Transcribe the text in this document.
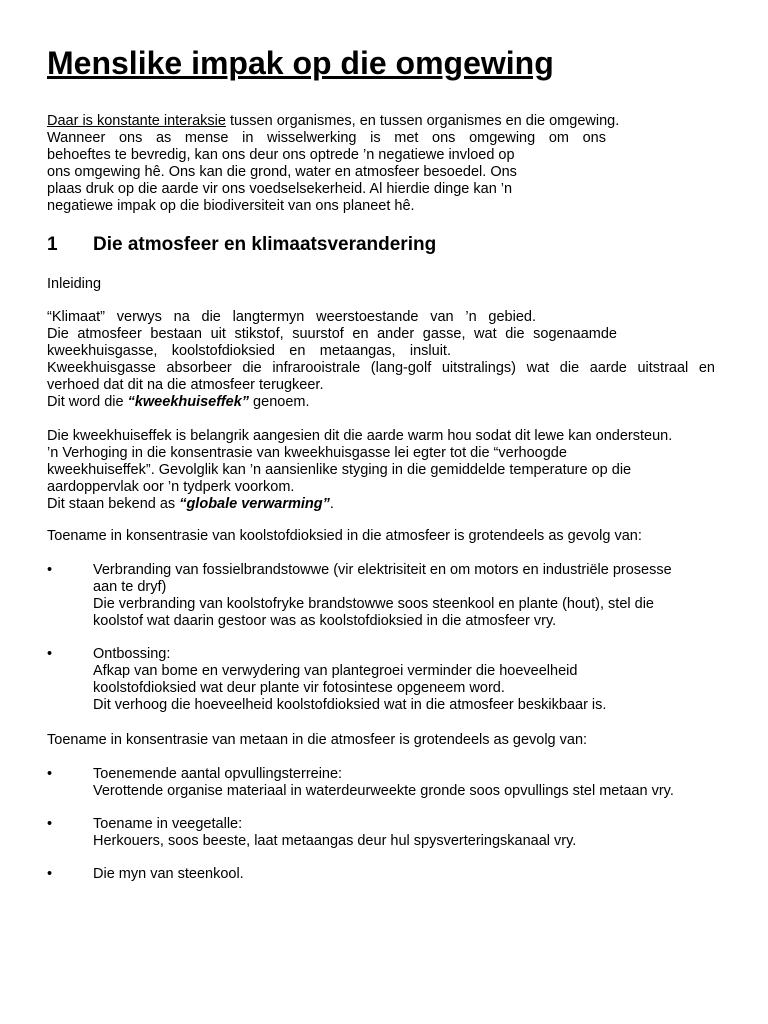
Menslike impak op die omgewing
Daar is konstante interaksie tussen organismes, en tussen organismes en die omgewing.
Wanneer ons as mense in wisselwerking is met ons omgewing om ons
behoeftes te bevredig, kan ons deur ons optrede ’n negatiewe invloed op
ons omgewing hê. Ons kan die grond, water en atmosfeer besoedel. Ons
plaas druk op die aarde vir ons voedselsekerheid. Al hierdie dinge kan ’n
negatiewe impak op die biodiversiteit van ons planeet hê.
1 Die atmosfeer en klimaatsverandering
Inleiding
“Klimaat” verwys na die langtermyn weerstoestande van ’n gebied.
Die atmosfeer bestaan uit stikstof, suurstof en ander gasse, wat die sogenaamde
kweekhuisgasse, koolstofdioksied en metaangas, insluit.
Kweekhuisgasse absorbeer die infrarooistrale (lang-golf uitstralings) wat die aarde uitstraal en
verhoed dat dit na die atmosfeer terugkeer.
Dit word die “kweekhuiseffek” genoem.
Die kweekhuiseffek is belangrik aangesien dit die aarde warm hou sodat dit lewe kan ondersteun.
’n Verhoging in die konsentrasie van kweekhuisgasse lei egter tot die “verhoogde
kweekhuiseffek”. Gevolglik kan ’n aansienlike styging in die gemiddelde temperature op die
aardoppervlak oor ’n tydperk voorkom.
Dit staan bekend as “globale verwarming”.
Toename in konsentrasie van koolstofdioksied in die atmosfeer is grotendeels as gevolg van:
•	Verbranding van fossielbrandstowwe (vir elektrisiteit en om motors en industriële prosesse
aan te dryf)
Die verbranding van koolstofryke brandstowwe soos steenkool en plante (hout), stel die
koolstof wat daarin gestoor was as koolstofdioksied in die atmosfeer vry.
•	Ontbossing:
Afkap van bome en verwydering van plantegroei verminder die hoeveelheid
koolstofdioksied wat deur plante vir fotosintese opgeneem word.
Dit verhoog die hoeveelheid koolstofdioksied wat in die atmosfeer beskikbaar is.
Toename in konsentrasie van metaan in die atmosfeer is grotendeels as gevolg van:
•	Toenemende aantal opvullingsterreine:
Verottende organise materiaal in waterdeurweekte gronde soos opvullings stel metaan vry.
•	Toename in veegetalle:
Herkouers, soos beeste, laat metaangas deur hul spysverteringskanaal vry.
•	Die myn van steenkool.
